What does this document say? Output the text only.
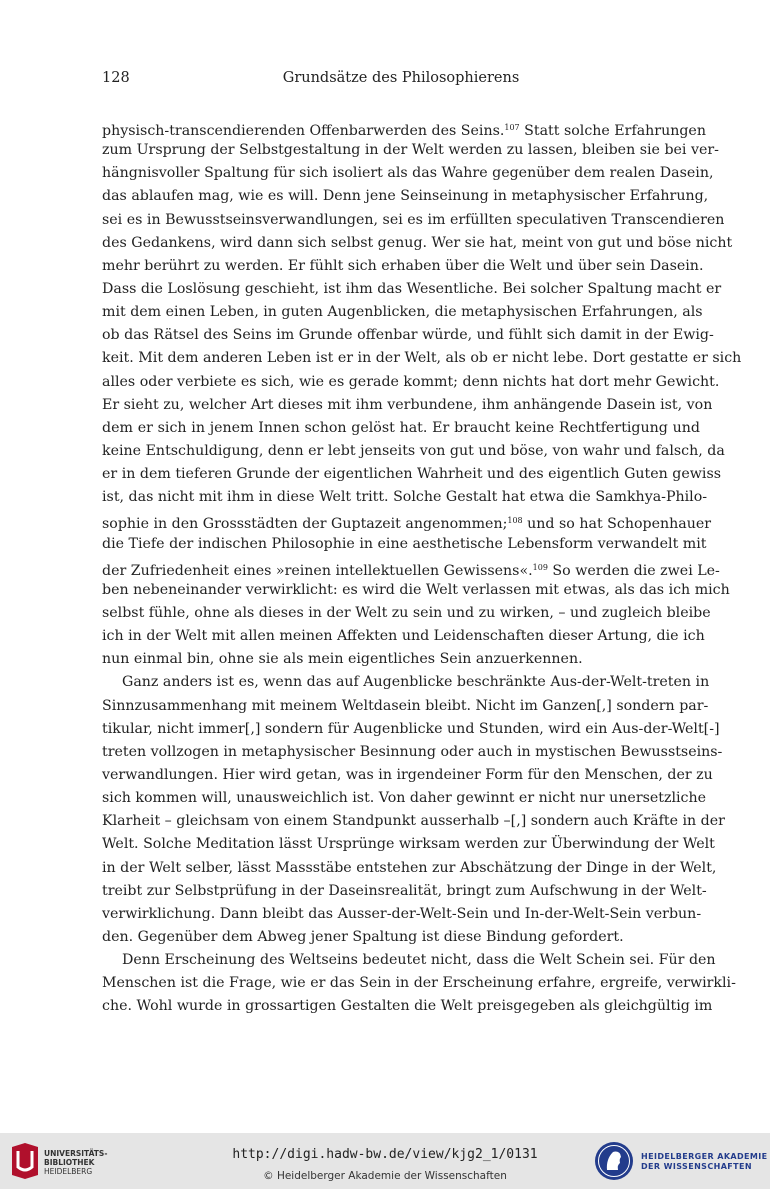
128	Grundsätze des Philosophierens
physisch-transcendierenden Offenbarwerden des Seins.$^{107}$ Statt solche Erfahrungen
zum Ursprung der Selbstgestaltung in der Welt werden zu lassen, bleiben sie bei ver-
hängnisvoller Spaltung für sich isoliert als das Wahre gegenüber dem realen Dasein,
das ablaufen mag, wie es will. Denn jene Seinseinung in metaphysischer Erfahrung,
sei es in Bewusstseinsverwandlungen, sei es im erfüllten speculativen Transcendieren
des Gedankens, wird dann sich selbst genug. Wer sie hat, meint von gut und böse nicht
mehr berührt zu werden. Er fühlt sich erhaben über die Welt und über sein Dasein.
Dass die Loslösung geschieht, ist ihm das Wesentliche. Bei solcher Spaltung macht er
mit dem einen Leben, in guten Augenblicken, die metaphysischen Erfahrungen, als
ob das Rätsel des Seins im Grunde offenbar würde, und fühlt sich damit in der Ewig-
keit. Mit dem anderen Leben ist er in der Welt, als ob er nicht lebe. Dort gestatte er sich
alles oder verbiete es sich, wie es gerade kommt; denn nichts hat dort mehr Gewicht.
Er sieht zu, welcher Art dieses mit ihm verbundene, ihm anhängende Dasein ist, von
dem er sich in jenem Innen schon gelöst hat. Er braucht keine Rechtfertigung und
keine Entschuldigung, denn er lebt jenseits von gut und böse, von wahr und falsch, da
er in dem tieferen Grunde der eigentlichen Wahrheit und des eigentlich Guten gewiss
ist, das nicht mit ihm in diese Welt tritt. Solche Gestalt hat etwa die Samkhya-Philo-
sophie in den Grossstädten der Guptazeit angenommen;$^{108}$ und so hat Schopenhauer
die Tiefe der indischen Philosophie in eine aesthetische Lebensform verwandelt mit
der Zufriedenheit eines »reinen intellektuellen Gewissens«.$^{109}$ So werden die zwei Le-
ben nebeneinander verwirklicht: es wird die Welt verlassen mit etwas, als das ich mich
selbst fühle, ohne als dieses in der Welt zu sein und zu wirken, – und zugleich bleibe
ich in der Welt mit allen meinen Affekten und Leidenschaften dieser Artung, die ich
nun einmal bin, ohne sie als mein eigentliches Sein anzuerkennen.
Ganz anders ist es, wenn das auf Augenblicke beschränkte Aus-der-Welt-treten in
Sinnzusammenhang mit meinem Weltdasein bleibt. Nicht im Ganzen[,] sondern par-
tikular, nicht immer[,] sondern für Augenblicke und Stunden, wird ein Aus-der-Welt[-]
treten vollzogen in metaphysischer Besinnung oder auch in mystischen Bewusstseins-
verwandlungen. Hier wird getan, was in irgendeiner Form für den Menschen, der zu
sich kommen will, unausweichlich ist. Von daher gewinnt er nicht nur unersetzliche
Klarheit – gleichsam von einem Standpunkt ausserhalb –[,] sondern auch Kräfte in der
Welt. Solche Meditation lässt Ursprünge wirksam werden zur Überwindung der Welt
in der Welt selber, lässt Massstäbe entstehen zur Abschätzung der Dinge in der Welt,
treibt zur Selbstprüfung in der Daseinsrealität, bringt zum Aufschwung in der Welt-
verwirklichung. Dann bleibt das Ausser-der-Welt-Sein und In-der-Welt-Sein verbun-
den. Gegenüber dem Abweg jener Spaltung ist diese Bindung gefordert.
Denn Erscheinung des Weltseins bedeutet nicht, dass die Welt Schein sei. Für den
Menschen ist die Frage, wie er das Sein in der Erscheinung erfahre, ergreife, verwirkli-
che. Wohl wurde in grossartigen Gestalten die Welt preisgegeben als gleichgültig im
UNIVERSITÄTS-
BIBLIOTHEK
HEIDELBERG
http://digi.hadw-bw.de/view/kjg2_1/0131
© Heidelberger Akademie der Wissenschaften
HEIDELBERGER AKADEMIE
DER WISSENSCHAFTEN
